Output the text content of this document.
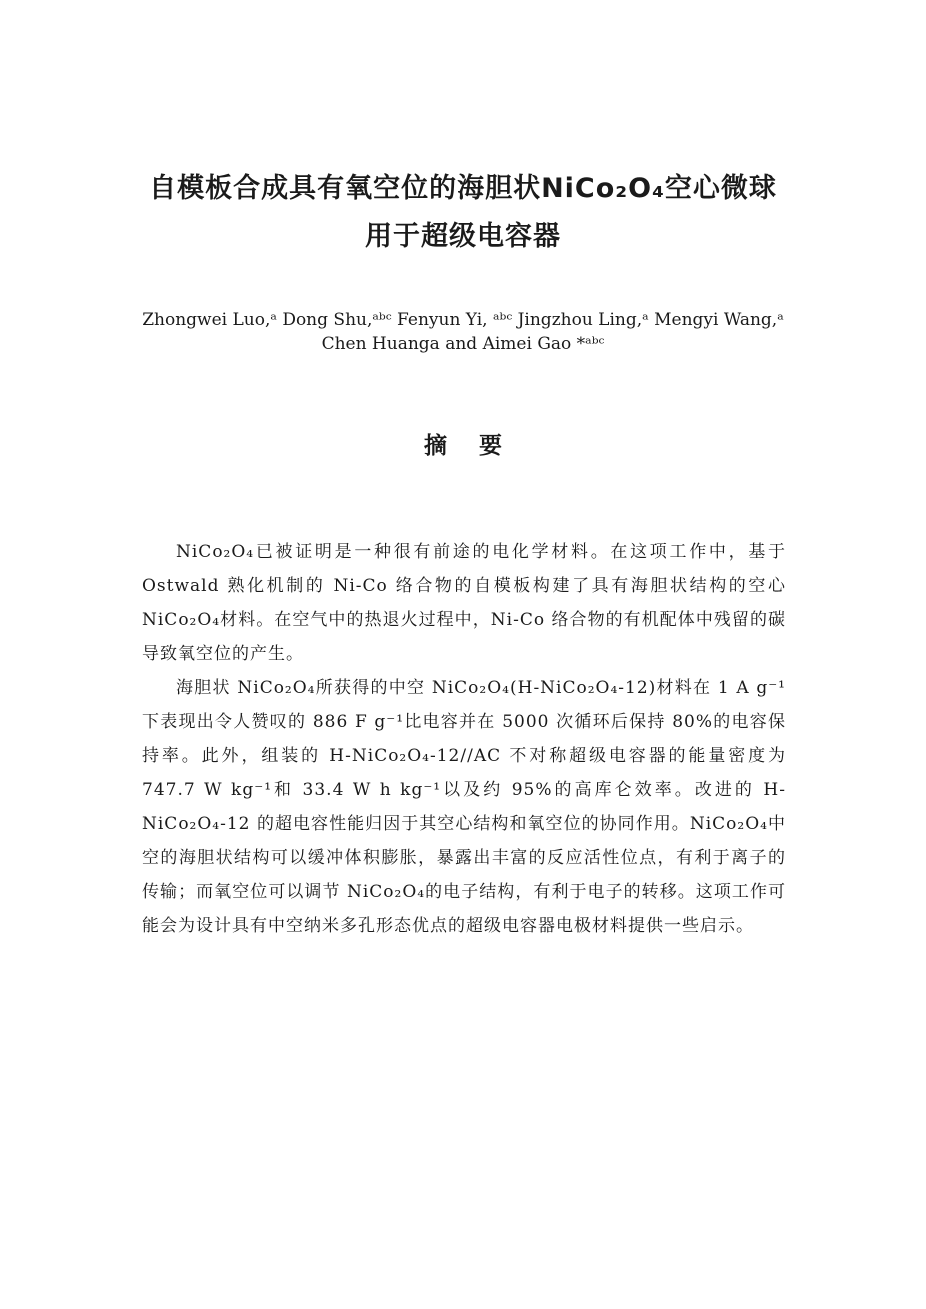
自模板合成具有氧空位的海胆状NiCo₂O₄空心微球
用于超级电容器
Zhongwei Luo,ᵃ Dong Shu,ᵃᵇᶜ Fenyun Yi, ᵃᵇᶜ Jingzhou Ling,ᵃ Mengyi Wang,ᵃ
Chen Huanga and Aimei Gao *ᵃᵇᶜ
摘要

NiCo₂O₄已被证明是一种很有前途的电化学材料。在这项工作中，基于 Ostwald 熟化机制的 Ni-Co 络合物的自模板构建了具有海胆状结构的空心 NiCo₂O₄材料。在空气中的热退火过程中，Ni-Co 络合物的有机配体中残留的碳导致氧空位的产生。

海胆状 NiCo₂O₄所获得的中空 NiCo₂O₄(H-NiCo₂O₄-12)材料在 1 A g⁻¹下表现出令人赞叹的 886 F g⁻¹比电容并在 5000 次循环后保持 80%的电容保持率。此外，组装的 H-NiCo₂O₄-12//AC 不对称超级电容器的能量密度为 747.7 W kg⁻¹和 33.4 W h kg⁻¹以及约 95%的高库仑效率。改进的 H-NiCo₂O₄-12 的超电容性能归因于其空心结构和氧空位的协同作用。NiCo₂O₄中空的海胆状结构可以缓冲体积膨胀，暴露出丰富的反应活性位点，有利于离子的传输；而氧空位可以调节 NiCo₂O₄的电子结构，有利于电子的转移。这项工作可能会为设计具有中空纳米多孔形态优点的超级电容器电极材料提供一些启示。
